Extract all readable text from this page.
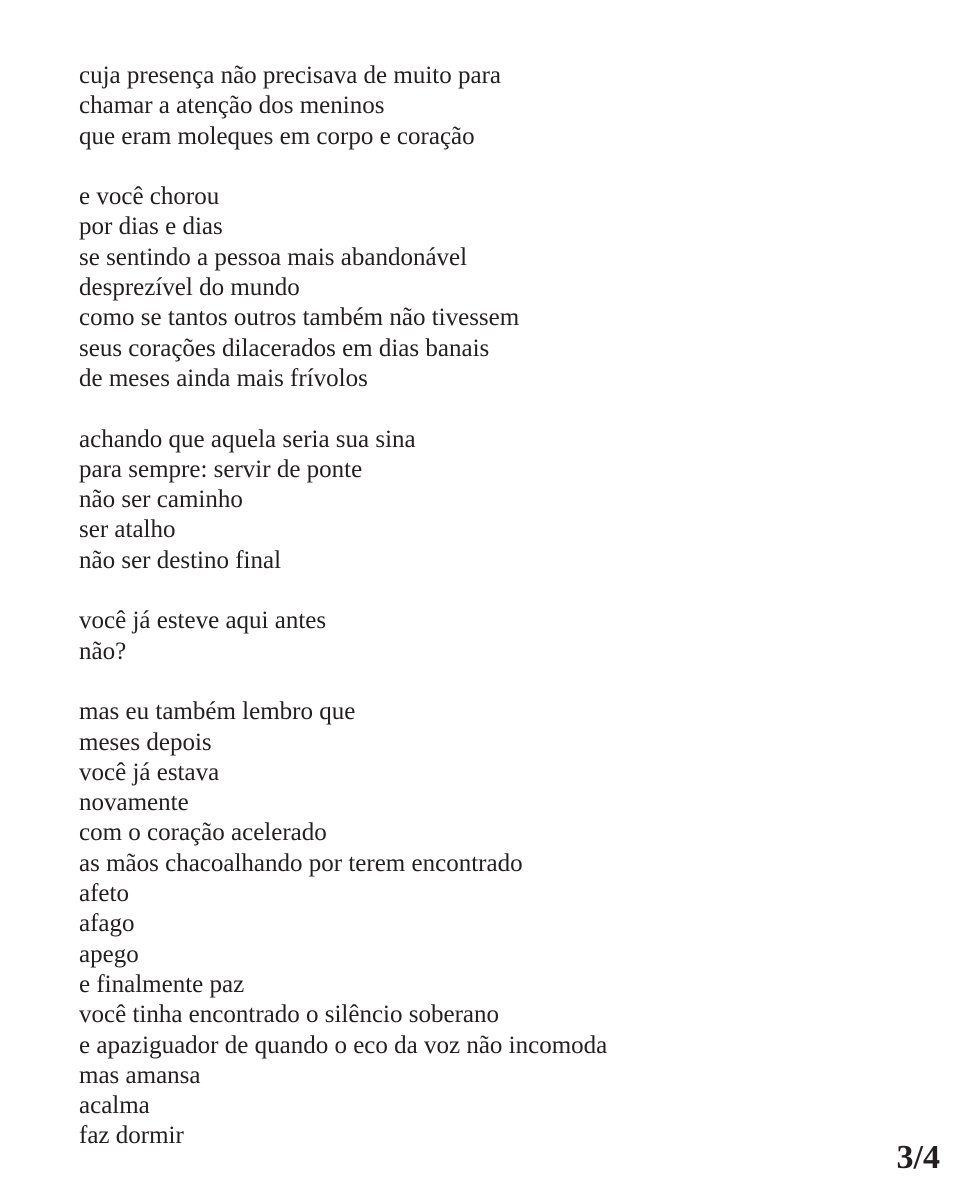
cuja presença não precisava de muito para
chamar a atenção dos meninos
que eram moleques em corpo e coração
e você chorou
por dias e dias
se sentindo a pessoa mais abandonável
desprezível do mundo
como se tantos outros também não tivessem
seus corações dilacerados em dias banais
de meses ainda mais frívolos
achando que aquela seria sua sina
para sempre: servir de ponte
não ser caminho
ser atalho
não ser destino final
você já esteve aqui antes
não?
mas eu também lembro que
meses depois
você já estava
novamente
com o coração acelerado
as mãos chacoalhando por terem encontrado
afeto
afago
apego
e finalmente paz
você tinha encontrado o silêncio soberano
e apaziguador de quando o eco da voz não incomoda
mas amansa
acalma
faz dormir
3/4
